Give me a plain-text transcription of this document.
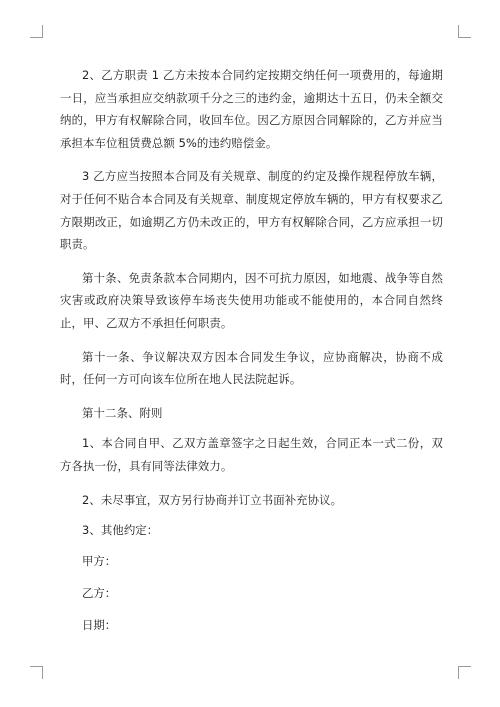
2、乙方职责 1 乙方未按本合同约定按期交纳任何一项费用的，每逾期一日，应当承担应交纳款项千分之三的违约金，逾期达十五日，仍未全额交纳的，甲方有权解除合同，收回车位。因乙方原因合同解除的，乙方并应当承担本车位租赁费总额 5%的违约赔偿金。

3 乙方应当按照本合同及有关规章、制度的约定及操作规程停放车辆，对于任何不贴合本合同及有关规章、制度规定停放车辆的，甲方有权要求乙方限期改正，如逾期乙方仍未改正的，甲方有权解除合同，乙方应承担一切职责。

第十条、免责条款本合同期内，因不可抗力原因，如地震、战争等自然灾害或政府决策导致该停车场丧失使用功能或不能使用的，本合同自然终止，甲、乙双方不承担任何职责。

第十一条、争议解决双方因本合同发生争议，应协商解决，协商不成时，任何一方可向该车位所在地人民法院起诉。

第十二条、附则

1、本合同自甲、乙双方盖章签字之日起生效，合同正本一式二份，双方各执一份，具有同等法律效力。

2、未尽事宜，双方另行协商并订立书面补充协议。

3、其他约定：

甲方：

乙方：

日期：
